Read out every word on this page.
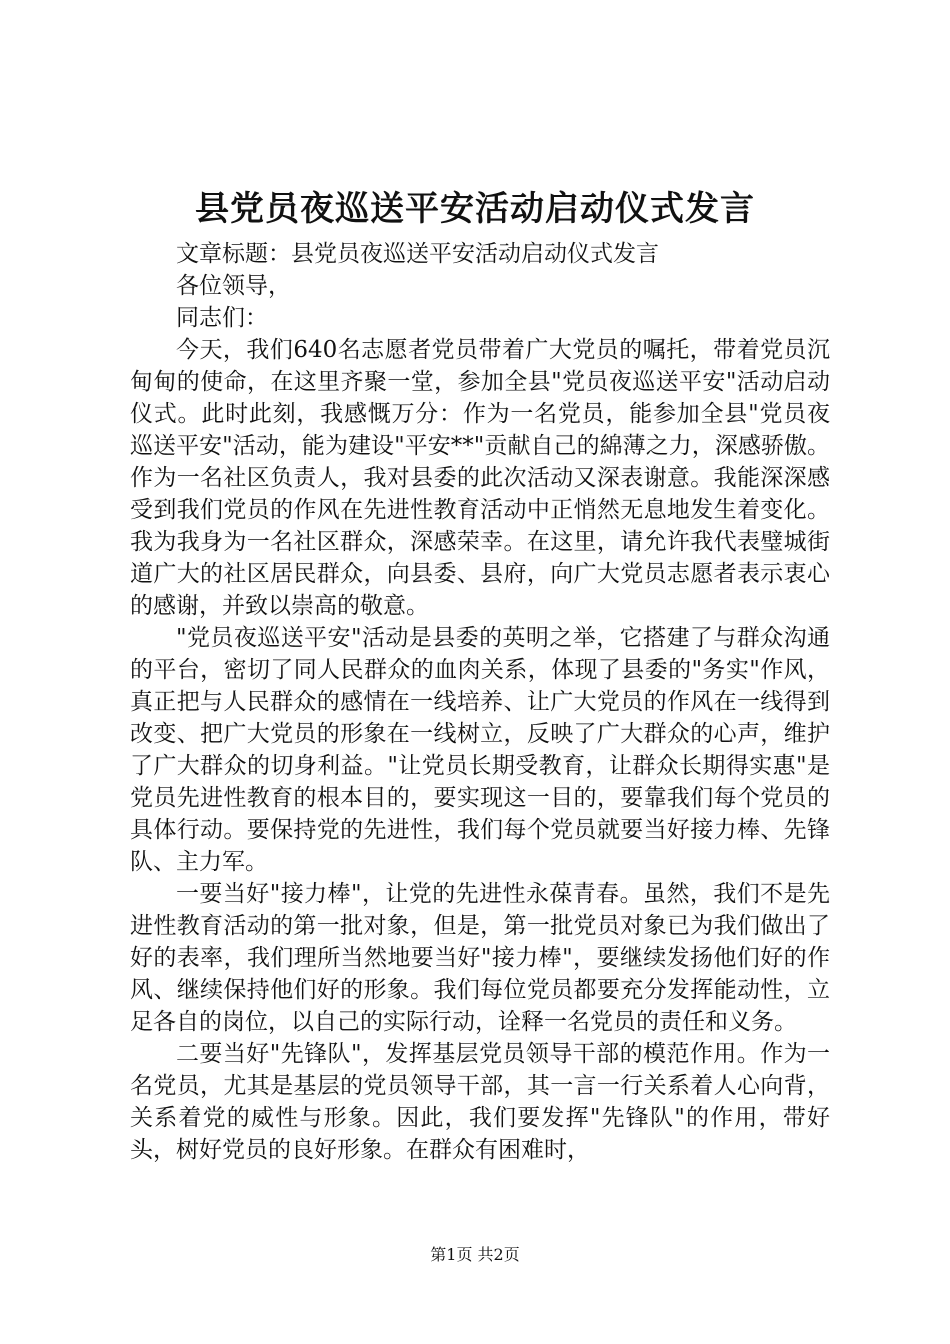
县党员夜巡送平安活动启动仪式发言

文章标题：县党员夜巡送平安活动启动仪式发言

各位领导，

同志们：

今天，我们640名志愿者党员带着广大党员的嘱托，带着党员沉甸甸的使命，在这里齐聚一堂，参加全县"党员夜巡送平安"活动启动仪式。此时此刻，我感慨万分：作为一名党员，能参加全县"党员夜巡送平安"活动，能为建设"平安**"贡献自己的綿薄之力，深感骄傲。作为一名社区负责人，我对县委的此次活动又深表谢意。我能深深感受到我们党员的作风在先进性教育活动中正悄然无息地发生着变化。我为我身为一名社区群众，深感荣幸。在这里，请允许我代表璧城街道广大的社区居民群众，向县委、县府，向广大党员志愿者表示衷心的感谢，并致以崇高的敬意。

"党员夜巡送平安"活动是县委的英明之举，它搭建了与群众沟通的平台，密切了同人民群众的血肉关系，体现了县委的"务实"作风，真正把与人民群众的感情在一线培养、让广大党员的作风在一线得到改变、把广大党员的形象在一线树立，反映了广大群众的心声，维护了广大群众的切身利益。"让党员长期受教育，让群众长期得实惠"是党员先进性教育的根本目的，要实现这一目的，要靠我们每个党员的具体行动。要保持党的先进性，我们每个党员就要当好接力棒、先锋队、主力军。

一要当好"接力棒"，让党的先进性永葆青春。虽然，我们不是先进性教育活动的第一批对象，但是，第一批党员对象已为我们做出了好的表率，我们理所当然地要当好"接力棒"，要继续发扬他们好的作风、继续保持他们好的形象。我们每位党员都要充分发挥能动性，立足各自的岗位，以自己的实际行动，诠释一名党员的责任和义务。

二要当好"先锋队"，发挥基层党员领导干部的模范作用。作为一名党员，尤其是基层的党员领导干部，其一言一行关系着人心向背，关系着党的威性与形象。因此，我们要发挥"先锋队"的作用，带好头，树好党员的良好形象。在群众有困难时，

第1页 共2页
